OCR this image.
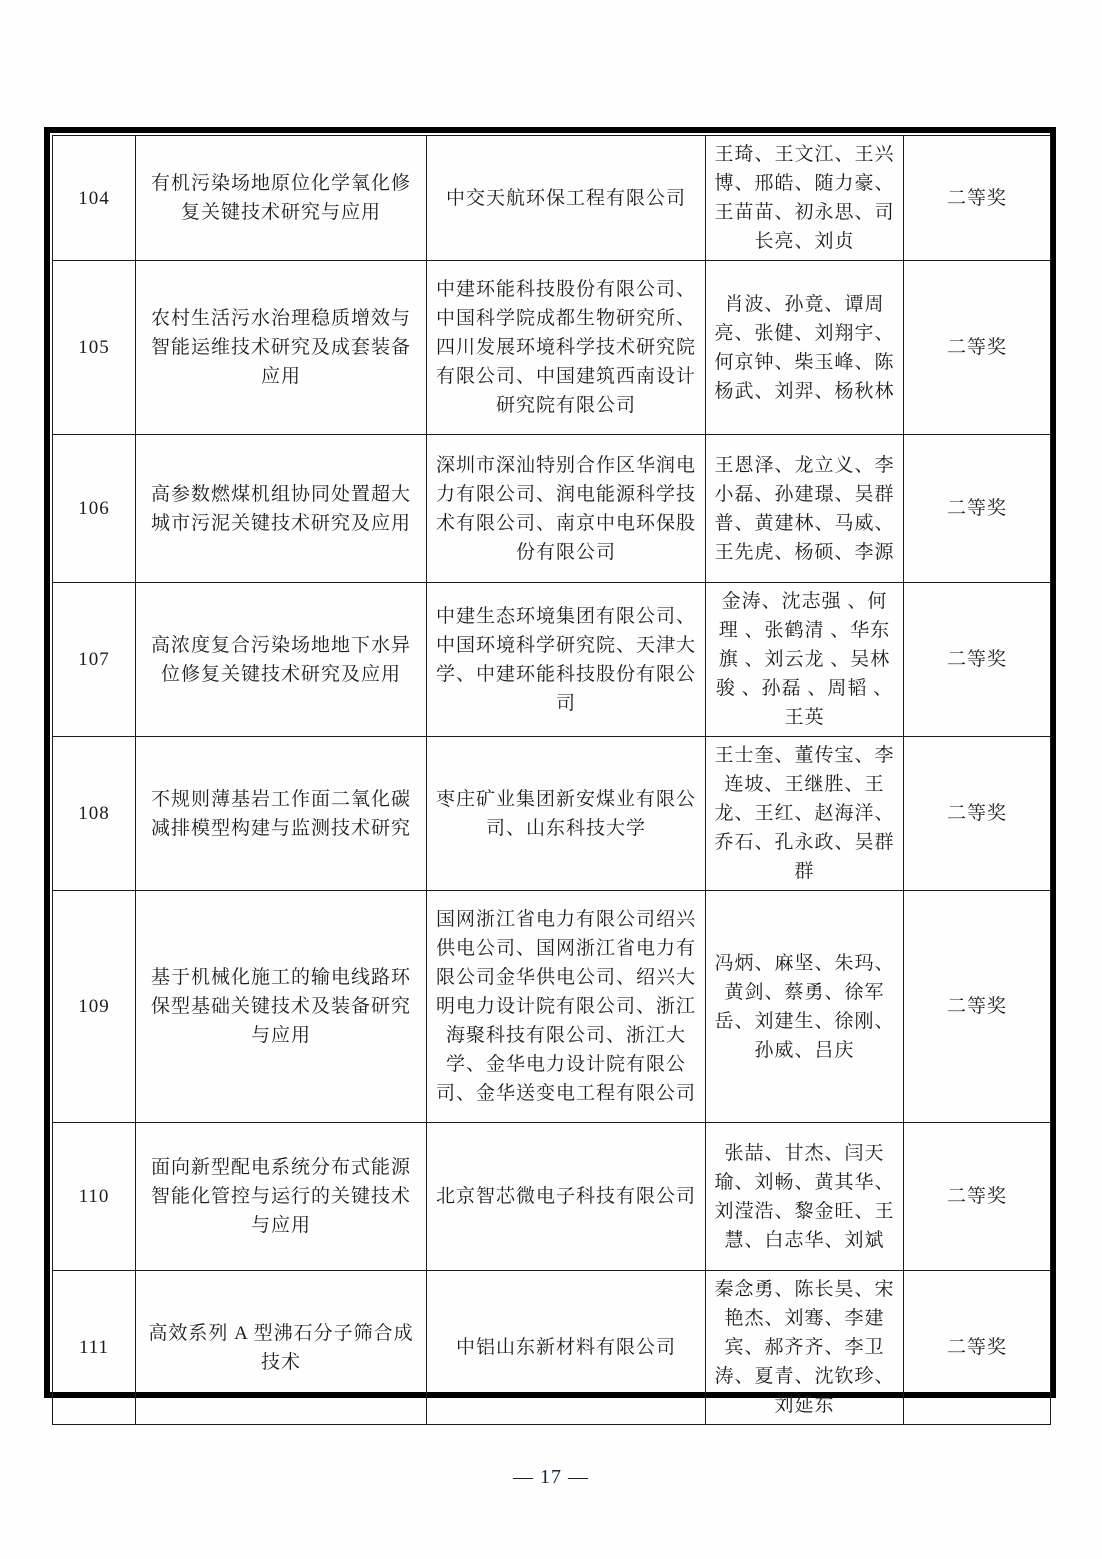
104	有机污染场地原位化学氧化修复关键技术研究与应用	中交天航环保工程有限公司	王琦、王文江、王兴博、邢皓、随力豪、王苗苗、初永思、司长亮、刘贞	二等奖
105	农村生活污水治理稳质增效与智能运维技术研究及成套装备应用	中建环能科技股份有限公司、中国科学院成都生物研究所、四川发展环境科学技术研究院有限公司、中国建筑西南设计研究院有限公司	肖波、孙竟、谭周亮、张健、刘翔宇、何京钟、柴玉峰、陈杨武、刘羿、杨秋林	二等奖
106	高参数燃煤机组协同处置超大城市污泥关键技术研究及应用	深圳市深汕特别合作区华润电力有限公司、润电能源科学技术有限公司、南京中电环保股份有限公司	王恩泽、龙立义、李小磊、孙建璟、吴群普、黄建林、马威、王先虎、杨硕、李源	二等奖
107	高浓度复合污染场地地下水异位修复关键技术研究及应用	中建生态环境集团有限公司、中国环境科学研究院、天津大学、中建环能科技股份有限公司	金涛、沈志强 、何理 、张鹤清 、华东旗 、刘云龙 、吴林骏 、孙磊 、周韬 、王英	二等奖
108	不规则薄基岩工作面二氧化碳减排模型构建与监测技术研究	枣庄矿业集团新安煤业有限公司、山东科技大学	王士奎、董传宝、李连坡、王继胜、王龙、王红、赵海洋、乔石、孔永政、吴群群	二等奖
109	基于机械化施工的输电线路环保型基础关键技术及装备研究与应用	国网浙江省电力有限公司绍兴供电公司、国网浙江省电力有限公司金华供电公司、绍兴大明电力设计院有限公司、浙江海聚科技有限公司、浙江大学、金华电力设计院有限公司、金华送变电工程有限公司	冯炳、麻坚、朱玛、黄剑、蔡勇、徐军岳、刘建生、徐刚、孙威、吕庆	二等奖
110	面向新型配电系统分布式能源智能化管控与运行的关键技术与应用	北京智芯微电子科技有限公司	张喆、甘杰、闫天瑜、刘畅、黄其华、刘滢浩、黎金旺、王慧、白志华、刘斌	二等奖
111	高效系列 A 型沸石分子筛合成技术	中铝山东新材料有限公司	秦念勇、陈长昊、宋艳杰、刘骞、李建宾、郝齐齐、李卫涛、夏青、沈钦珍、刘延东	二等奖
— 17 —
